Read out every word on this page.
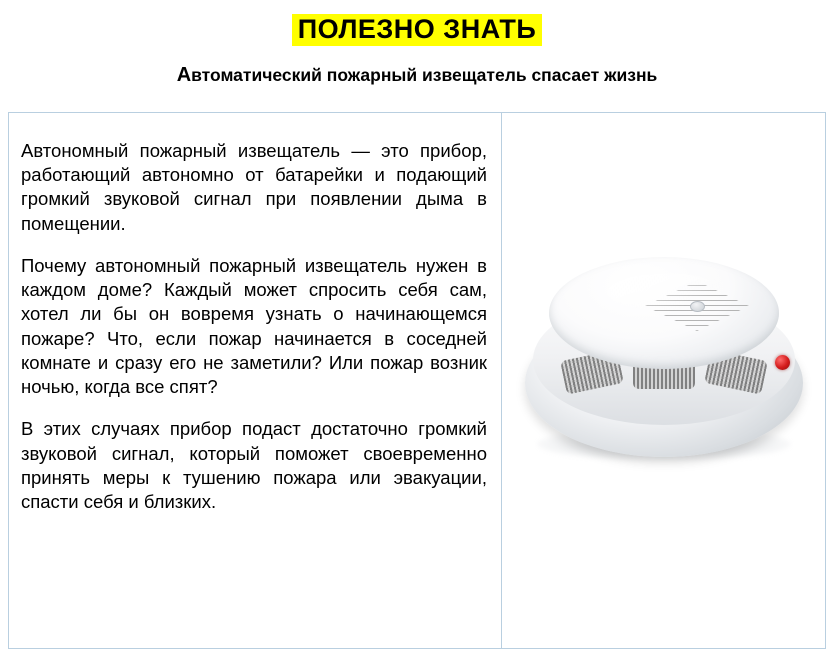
ПОЛЕЗНО ЗНАТЬ
Автоматический пожарный извещатель спасает жизнь

Автономный пожарный извещатель — это прибор, работающий автономно от батарейки и подающий громкий звуковой сигнал при появлении дыма в помещении.

Почему автономный пожарный извещатель нужен в каждом доме? Каждый может спросить себя сам, хотел ли бы он вовремя узнать о начинающемся пожаре? Что, если пожар начинается в соседней комнате и сразу его не заметили? Или пожар возник ночью, когда все спят?

В этих случаях прибор подаст достаточно громкий звуковой сигнал, который поможет своевременно принять меры к тушению пожара или эвакуации, спасти себя и близких.
